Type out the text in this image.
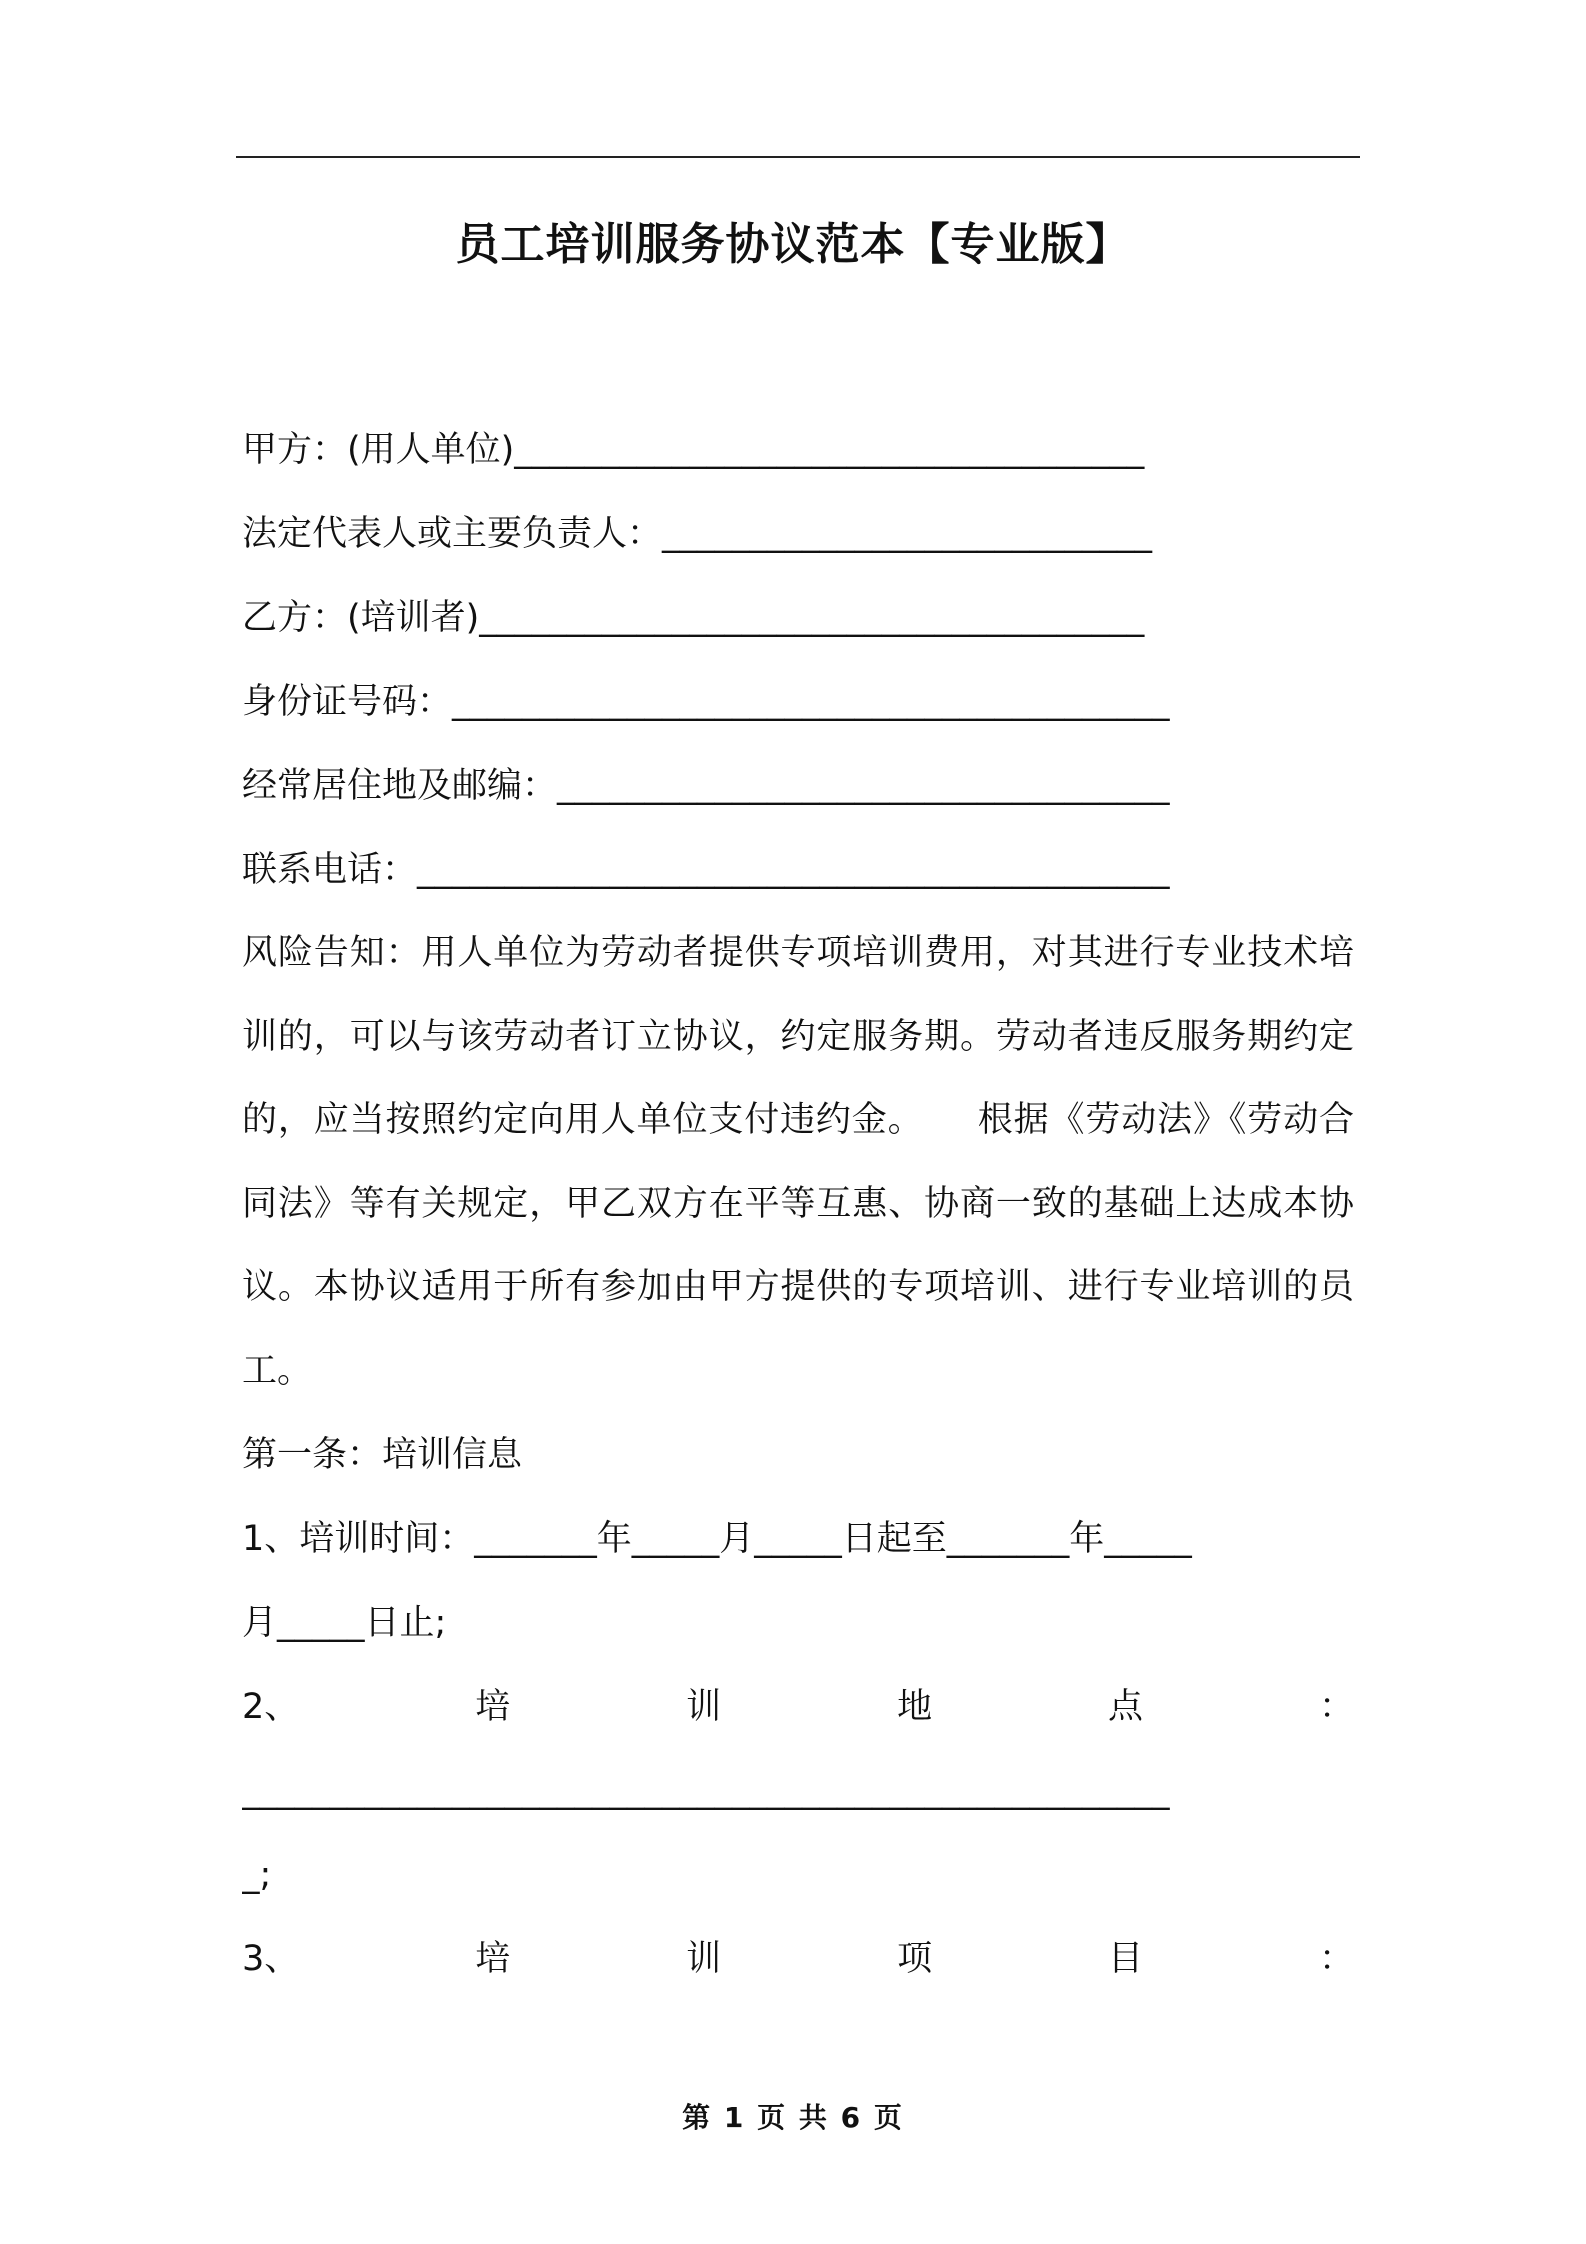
员工培训服务协议范本【专业版】
甲方：(用人单位)____________________________________
法定代表人或主要负责人：____________________________
乙方：(培训者)______________________________________
身份证号码：_________________________________________
经常居住地及邮编：___________________________________
联系电话：___________________________________________
风险告知：用人单位为劳动者提供专项培训费用，对其进行专业技术培训的，可以与该劳动者订立协议，约定服务期。劳动者违反服务期约定的，应当按照约定向用人单位支付违约金。　　根据《劳动法》《劳动合同法》等有关规定，甲乙双方在平等互惠、协商一致的基础上达成本协议。本协议适用于所有参加由甲方提供的专项培训、进行专业培训的员工。
第一条：培训信息
1、培训时间：_______年_____月_____日起至_______年_____
月_____日止;
2、	培	训	地	点	：
_____________________________________________________
_;
3、	培	训	项	目	：
第 1 页 共 6 页
